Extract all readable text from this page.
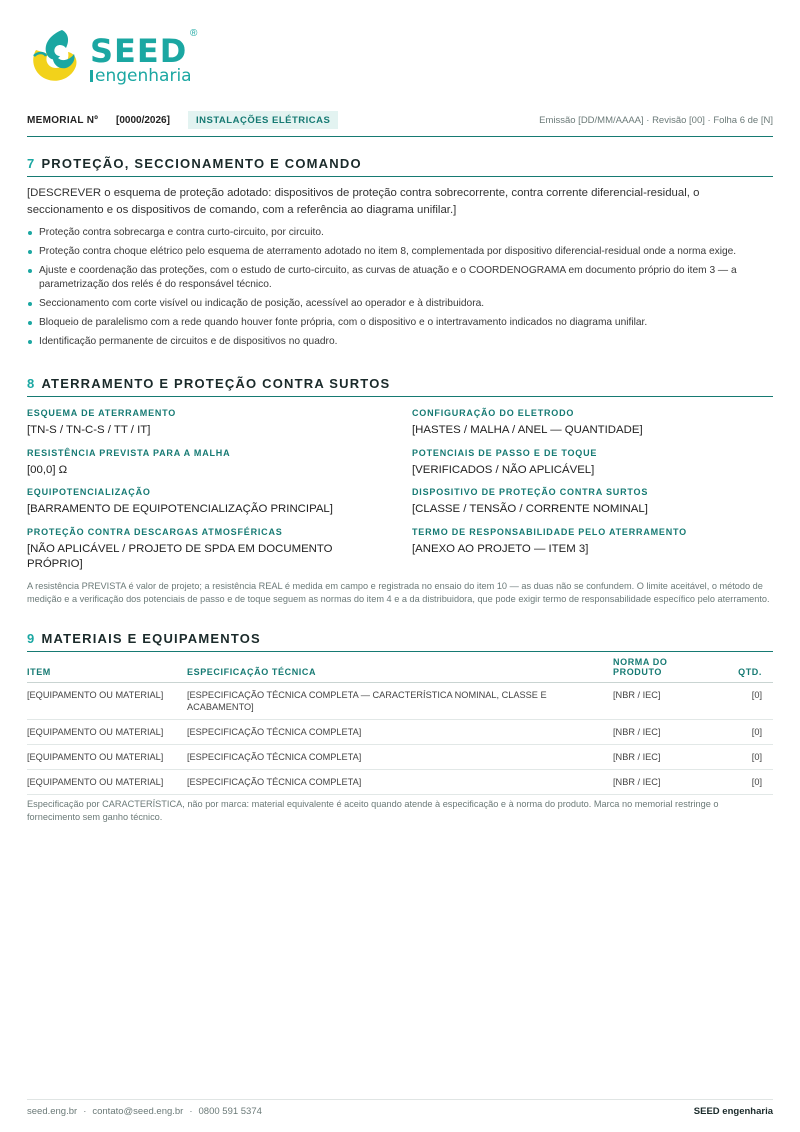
SEED ®
engenharia
MEMORIAL Nº [0000/2026]	INSTALAÇÕES ELÉTRICAS	Emissão [DD/MM/AAAA] · Revisão [00] · Folha 6 de [N]
7 PROTEÇÃO, SECCIONAMENTO E COMANDO
[DESCREVER o esquema de proteção adotado: dispositivos de proteção contra sobrecorrente, contra corrente diferencial-residual, o seccionamento e os dispositivos de comando, com a referência ao diagrama unifilar.]
Proteção contra sobrecarga e contra curto-circuito, por circuito.
Proteção contra choque elétrico pelo esquema de aterramento adotado no item 8, complementada por dispositivo diferencial-residual onde a norma exige.
Ajuste e coordenação das proteções, com o estudo de curto-circuito, as curvas de atuação e o COORDENOGRAMA em documento próprio do item 3 — a parametrização dos relés é do responsável técnico.
Seccionamento com corte visível ou indicação de posição, acessível ao operador e à distribuidora.
Bloqueio de paralelismo com a rede quando houver fonte própria, com o dispositivo e o intertravamento indicados no diagrama unifilar.
Identificação permanente de circuitos e de dispositivos no quadro.
8 ATERRAMENTO E PROTEÇÃO CONTRA SURTOS
ESQUEMA DE ATERRAMENTO
[TN-S / TN-C-S / TT / IT]
CONFIGURAÇÃO DO ELETRODO
[HASTES / MALHA / ANEL — QUANTIDADE]
RESISTÊNCIA PREVISTA PARA A MALHA
[00,0] Ω
POTENCIAIS DE PASSO E DE TOQUE
[VERIFICADOS / NÃO APLICÁVEL]
EQUIPOTENCIALIZAÇÃO
[BARRAMENTO DE EQUIPOTENCIALIZAÇÃO PRINCIPAL]
DISPOSITIVO DE PROTEÇÃO CONTRA SURTOS
[CLASSE / TENSÃO / CORRENTE NOMINAL]
PROTEÇÃO CONTRA DESCARGAS ATMOSFÉRICAS
[NÃO APLICÁVEL / PROJETO DE SPDA EM DOCUMENTO PRÓPRIO]
TERMO DE RESPONSABILIDADE PELO ATERRAMENTO
[ANEXO AO PROJETO — ITEM 3]
A resistência PREVISTA é valor de projeto; a resistência REAL é medida em campo e registrada no ensaio do item 10 — as duas não se confundem. O limite aceitável, o método de medição e a verificação dos potenciais de passo e de toque seguem as normas do item 4 e a da distribuidora, que pode exigir termo de responsabilidade específico pelo aterramento.
9 MATERIAIS E EQUIPAMENTOS
ITEM	ESPECIFICAÇÃO TÉCNICA	NORMA DO PRODUTO	QTD.
[EQUIPAMENTO OU MATERIAL]	[ESPECIFICAÇÃO TÉCNICA COMPLETA — CARACTERÍSTICA NOMINAL, CLASSE E ACABAMENTO]	[NBR / IEC]	[0]
[EQUIPAMENTO OU MATERIAL]	[ESPECIFICAÇÃO TÉCNICA COMPLETA]	[NBR / IEC]	[0]
[EQUIPAMENTO OU MATERIAL]	[ESPECIFICAÇÃO TÉCNICA COMPLETA]	[NBR / IEC]	[0]
[EQUIPAMENTO OU MATERIAL]	[ESPECIFICAÇÃO TÉCNICA COMPLETA]	[NBR / IEC]	[0]
Especificação por CARACTERÍSTICA, não por marca: material equivalente é aceito quando atende à especificação e à norma do produto. Marca no memorial restringe o fornecimento sem ganho técnico.
seed.eng.br · contato@seed.eng.br · 0800 591 5374	SEED engenharia
